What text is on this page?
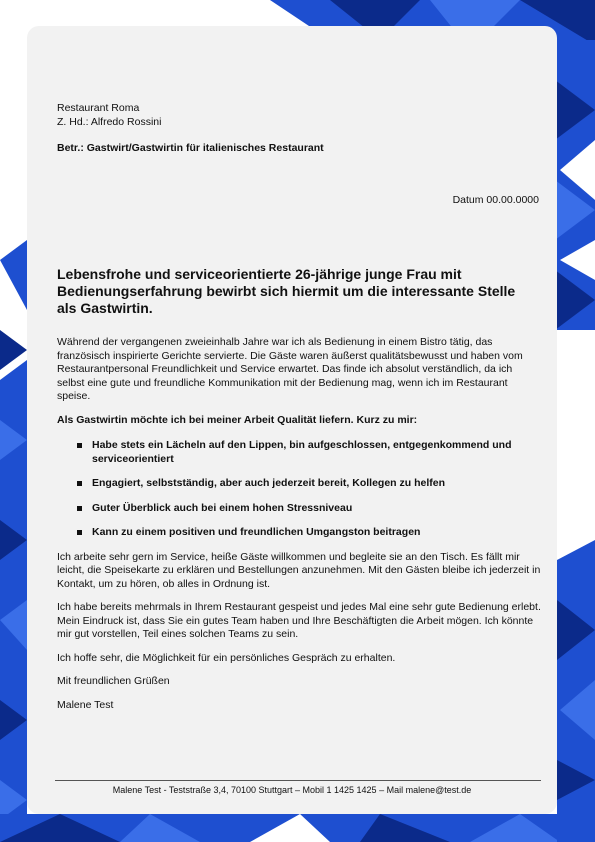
Restaurant Roma
Z. Hd.: Alfredo Rossini
Betr.: Gastwirt/Gastwirtin für italienisches Restaurant
Datum 00.00.0000
Lebensfrohe und serviceorientierte 26-jährige junge Frau mit Bedienungserfahrung bewirbt sich hiermit um die interessante Stelle als Gastwirtin.

Während der vergangenen zweieinhalb Jahre war ich als Bedienung in einem Bistro tätig, das französisch inspirierte Gerichte servierte. Die Gäste waren äußerst qualitätsbewusst und haben vom Restaurantpersonal Freundlichkeit und Service erwartet. Das finde ich absolut verständlich, da ich selbst eine gute und freundliche Kommunikation mit der Bedienung mag, wenn ich im Restaurant speise.

Als Gastwirtin möchte ich bei meiner Arbeit Qualität liefern. Kurz zu mir:

Habe stets ein Lächeln auf den Lippen, bin aufgeschlossen, entgegenkommend und serviceorientiert
Engagiert, selbstständig, aber auch jederzeit bereit, Kollegen zu helfen
Guter Überblick auch bei einem hohen Stressniveau
Kann zu einem positiven und freundlichen Umgangston beitragen

Ich arbeite sehr gern im Service, heiße Gäste willkommen und begleite sie an den Tisch. Es fällt mir leicht, die Speisekarte zu erklären und Bestellungen anzunehmen. Mit den Gästen bleibe ich jederzeit in Kontakt, um zu hören, ob alles in Ordnung ist.

Ich habe bereits mehrmals in Ihrem Restaurant gespeist und jedes Mal eine sehr gute Bedienung erlebt. Mein Eindruck ist, dass Sie ein gutes Team haben und Ihre Beschäftigten die Arbeit mögen. Ich könnte mir gut vorstellen, Teil eines solchen Teams zu sein.

Ich hoffe sehr, die Möglichkeit für ein persönliches Gespräch zu erhalten.

Mit freundlichen Grüßen

Malene Test

Malene Test - Teststraße 3,4, 70100 Stuttgart – Mobil 1 1425 1425 – Mail malene@test.de
